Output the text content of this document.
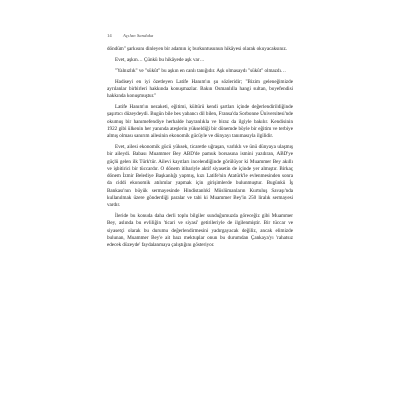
14 Açılan Sanduka

döndüm" şarkısını dinleyen bir adamın iç burkuntusunun hikâyesi olarak okuyacaksınız.

Evet, aşkın… Çünkü bu hikâyede aşk var…

"Yalnızlık" ve "sükût" bu aşkın en canlı tanığıdır. Aşk olmasaydı "sükût" olmazdı…

Hadiseyi en iyi özetleyen Latife Hanım'ın şu sözleridir; "Bizim geleneğimizde ayrılanlar birbirleri hakkında konuşmazlar. Bakın Osmanlılla hangi sultan, boyefendisi hakkında konuşmuştur."

Latife Hanım'ın nezaketi, eğitimi, kültürü kendi şartları içinde değerlendirildiğinde şaşırtıcı düzeydeydi. Bugün bile bes yabancı dil bilen, Fransa'da Sorbonne Üniversitesi'nde okumuş bir hanımefendiye herhalde hayranlıkla ve biraz da ilgiyle bakılır. Kendisinin 1922 gibi ülkenin her yanında ateşlerin yükseldiği bir dönemde böyle bir eğitim ve terbiye almış olması sanırım ailesinin ekonomik gücüyle ve dünyayı tanımasıyla ilgilidir.

Evet, ailesi ekonomik gücü yüksek, ticaretle uğraşan, varlıklı ve ünü dünyaya ulaşmış bir aileydi. Babası Muammer Bey ABD'de pamuk borsasına ismini yazdıran, ABD'ye güçlü gelen ilk Türk'tür. Ailevi kayıtları incelendiğinde görülüyor ki Muammer Bey akıllı ve işbitirici bir tüccardır. O dönem itibariyle aktif siyasetin de içinde yer almıştır. Birkaç dönem İzmir Belediye Başkanlığı yapmış, kızı Latife'nin Atatürk'le evlenmesinden sonra da ciddi ekonomik atılımlar yapmak için girişimlerde bulunmuştur. Bugünkü İş Bankası'nın büyük sermayesinde Hindistanlıkî Müslümanların Kurtuluş Savaşı'nda kullanılmak üzere gönderdiği paralar ve tabi ki Muammer Bey'in 250 liralık sermayesi vardır.

İleride bu konuda daha derli toplu bilgiler sunduğumuzda göreceğiz gibi Muammer Bey, aslında bu evliliğin 'ticari ve siyasi' getirileriyle de ilgilenmiştir. Bir tüccar ve siyasetçi olarak bu durumu değerlendirmesini yadırgayacak değiliz, ancak elimizde bulunan, Muammer Bey'e ait bazı mektuplar onun bu durumdan Çankaya'yı 'rahatsız edecek düzeyde' faydalanmaya çalıştığını gösteriyor.
